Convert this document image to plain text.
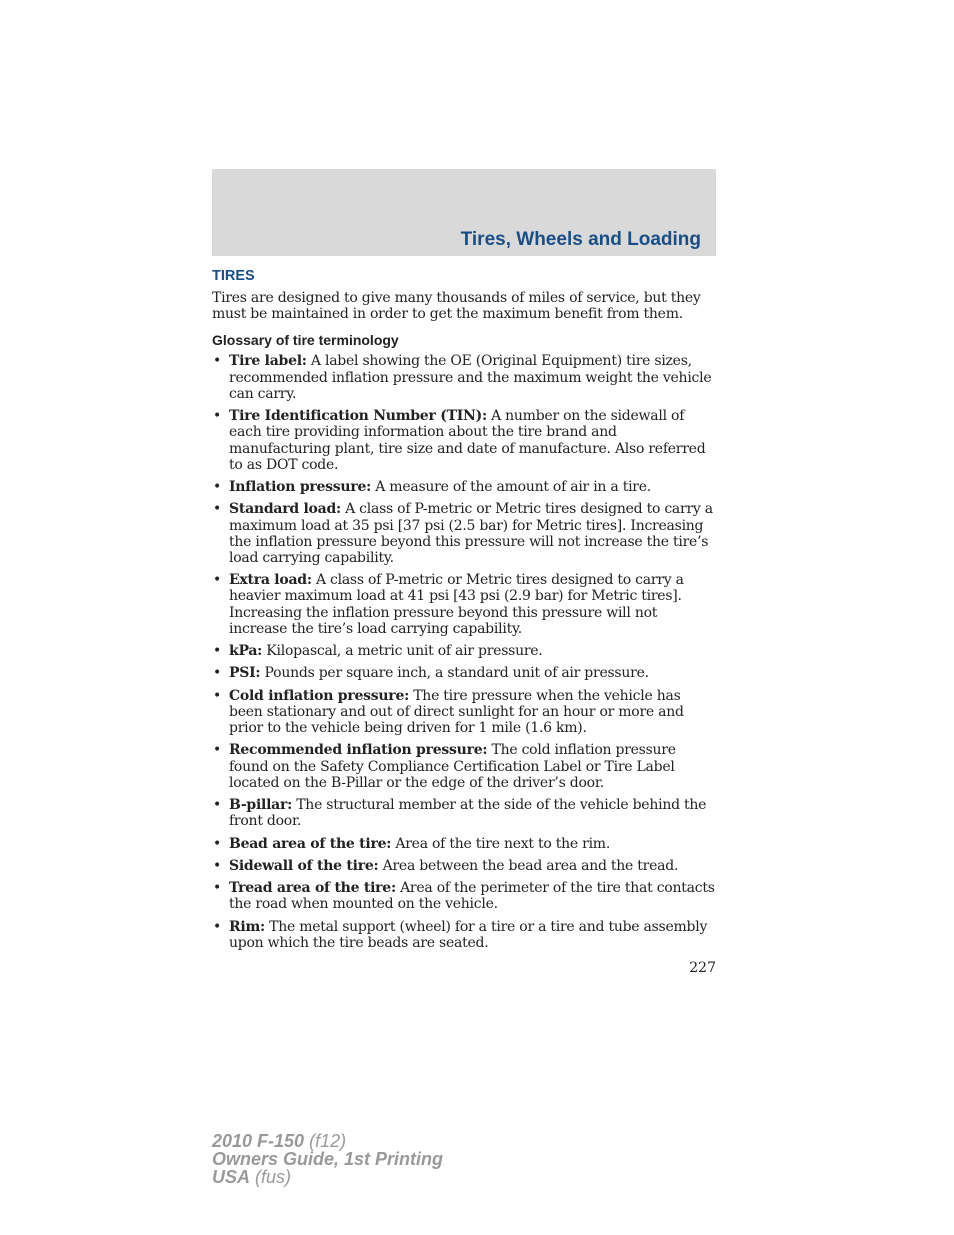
Tires, Wheels and Loading
TIRES

Tires are designed to give many thousands of miles of service, but they must be maintained in order to get the maximum benefit from them.

Glossary of tire terminology
• Tire label: A label showing the OE (Original Equipment) tire sizes, recommended inflation pressure and the maximum weight the vehicle can carry.
• Tire Identification Number (TIN): A number on the sidewall of each tire providing information about the tire brand and manufacturing plant, tire size and date of manufacture. Also referred to as DOT code.
• Inflation pressure: A measure of the amount of air in a tire.
• Standard load: A class of P-metric or Metric tires designed to carry a maximum load at 35 psi [37 psi (2.5 bar) for Metric tires]. Increasing the inflation pressure beyond this pressure will not increase the tire’s load carrying capability.
• Extra load: A class of P-metric or Metric tires designed to carry a heavier maximum load at 41 psi [43 psi (2.9 bar) for Metric tires]. Increasing the inflation pressure beyond this pressure will not increase the tire’s load carrying capability.
• kPa: Kilopascal, a metric unit of air pressure.
• PSI: Pounds per square inch, a standard unit of air pressure.
• Cold inflation pressure: The tire pressure when the vehicle has been stationary and out of direct sunlight for an hour or more and prior to the vehicle being driven for 1 mile (1.6 km).
• Recommended inflation pressure: The cold inflation pressure found on the Safety Compliance Certification Label or Tire Label located on the B-Pillar or the edge of the driver’s door.
• B-pillar: The structural member at the side of the vehicle behind the front door.
• Bead area of the tire: Area of the tire next to the rim.
• Sidewall of the tire: Area between the bead area and the tread.
• Tread area of the tire: Area of the perimeter of the tire that contacts the road when mounted on the vehicle.
• Rim: The metal support (wheel) for a tire or a tire and tube assembly upon which the tire beads are seated.
227
2010 F-150 (f12)
Owners Guide, 1st Printing
USA (fus)
